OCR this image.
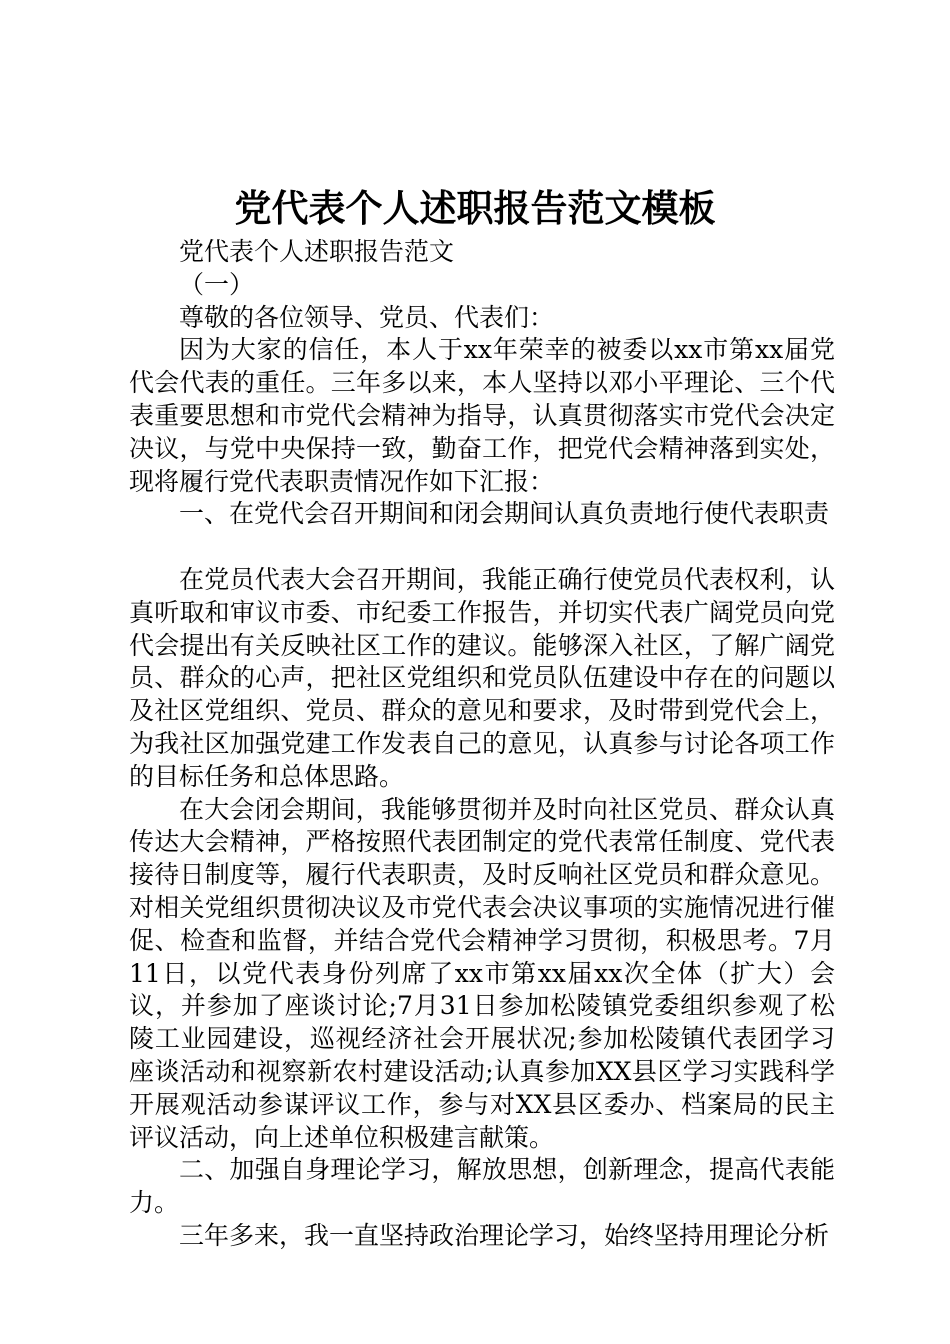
党代表个人述职报告范文模板
党代表个人述职报告范文
（一）
尊敬的各位领导、党员、代表们：

因为大家的信任，本人于xx年荣幸的被委以xx市第xx届党代会代表的重任。三年多以来，本人坚持以邓小平理论、三个代表重要思想和市党代会精神为指导，认真贯彻落实市党代会决定决议，与党中央保持一致，勤奋工作，把党代会精神落到实处，现将履行党代表职责情况作如下汇报：

一、在党代会召开期间和闭会期间认真负责地行使代表职责

在党员代表大会召开期间，我能正确行使党员代表权利，认真听取和审议市委、市纪委工作报告，并切实代表广阔党员向党代会提出有关反映社区工作的建议。能够深入社区，了解广阔党员、群众的心声，把社区党组织和党员队伍建设中存在的问题以及社区党组织、党员、群众的意见和要求，及时带到党代会上，为我社区加强党建工作发表自己的意见，认真参与讨论各项工作的目标任务和总体思路。

在大会闭会期间，我能够贯彻并及时向社区党员、群众认真传达大会精神，严格按照代表团制定的党代表常任制度、党代表接待日制度等，履行代表职责，及时反响社区党员和群众意见。对相关党组织贯彻决议及市党代表会决议事项的实施情况进行催促、检查和监督，并结合党代会精神学习贯彻，积极思考。7月11日，以党代表身份列席了xx市第xx届xx次全体（扩大）会议，并参加了座谈讨论;7月31日参加松陵镇党委组织参观了松陵工业园建设，巡视经济社会开展状况;参加松陵镇代表团学习座谈活动和视察新农村建设活动;认真参加XX县区学习实践科学开展观活动参谋评议工作，参与对XX县区委办、档案局的民主评议活动，向上述单位积极建言献策。

二、加强自身理论学习，解放思想，创新理念，提高代表能力。

三年多来，我一直坚持政治理论学习，始终坚持用理论分析
